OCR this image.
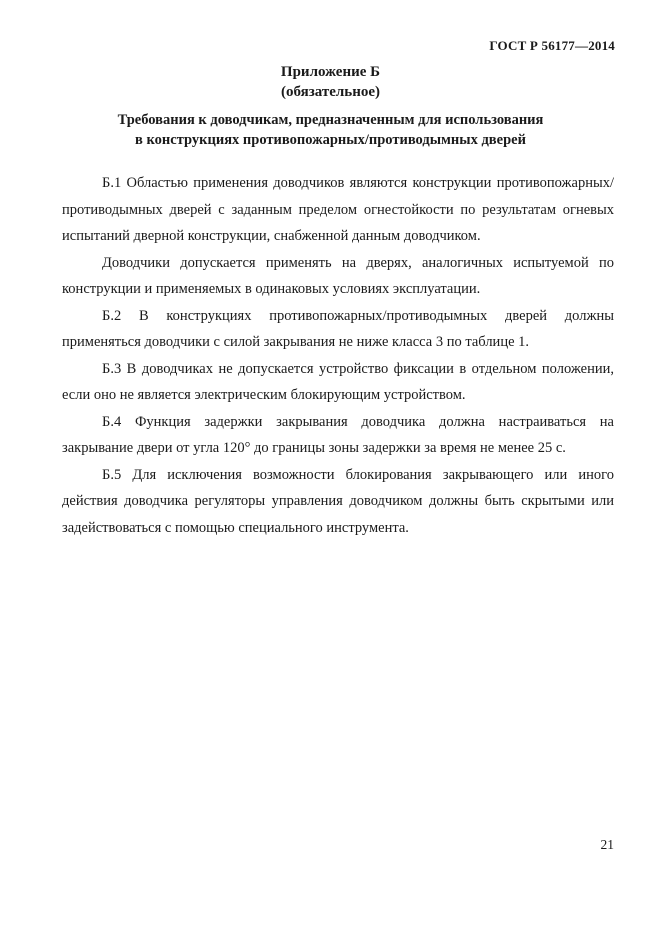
ГОСТ Р 56177—2014
Приложение Б
(обязательное)
Требования к доводчикам, предназначенным для использования
в конструкциях противопожарных/противодымных дверей

Б.1 Областью применения доводчиков являются конструкции противопожарных/противодымных дверей с заданным пределом огнестойкости по результатам огневых испытаний дверной конструкции, снабженной данным доводчиком.

Доводчики допускается применять на дверях, аналогичных испытуемой по конструкции и применяемых в одинаковых условиях эксплуатации.

Б.2 В конструкциях противопожарных/противодымных дверей должны применяться доводчики с силой закрывания не ниже класса 3 по таблице 1.

Б.3 В доводчиках не допускается устройство фиксации в отдельном положении, если оно не является электрическим блокирующим устройством.

Б.4 Функция задержки закрывания доводчика должна настраиваться на закрывание двери от угла 120° до границы зоны задержки за время не менее 25 с.

Б.5 Для исключения возможности блокирования закрывающего или иного действия доводчика регуляторы управления доводчиком должны быть скрытыми или задействоваться с помощью специального инструмента.

21
